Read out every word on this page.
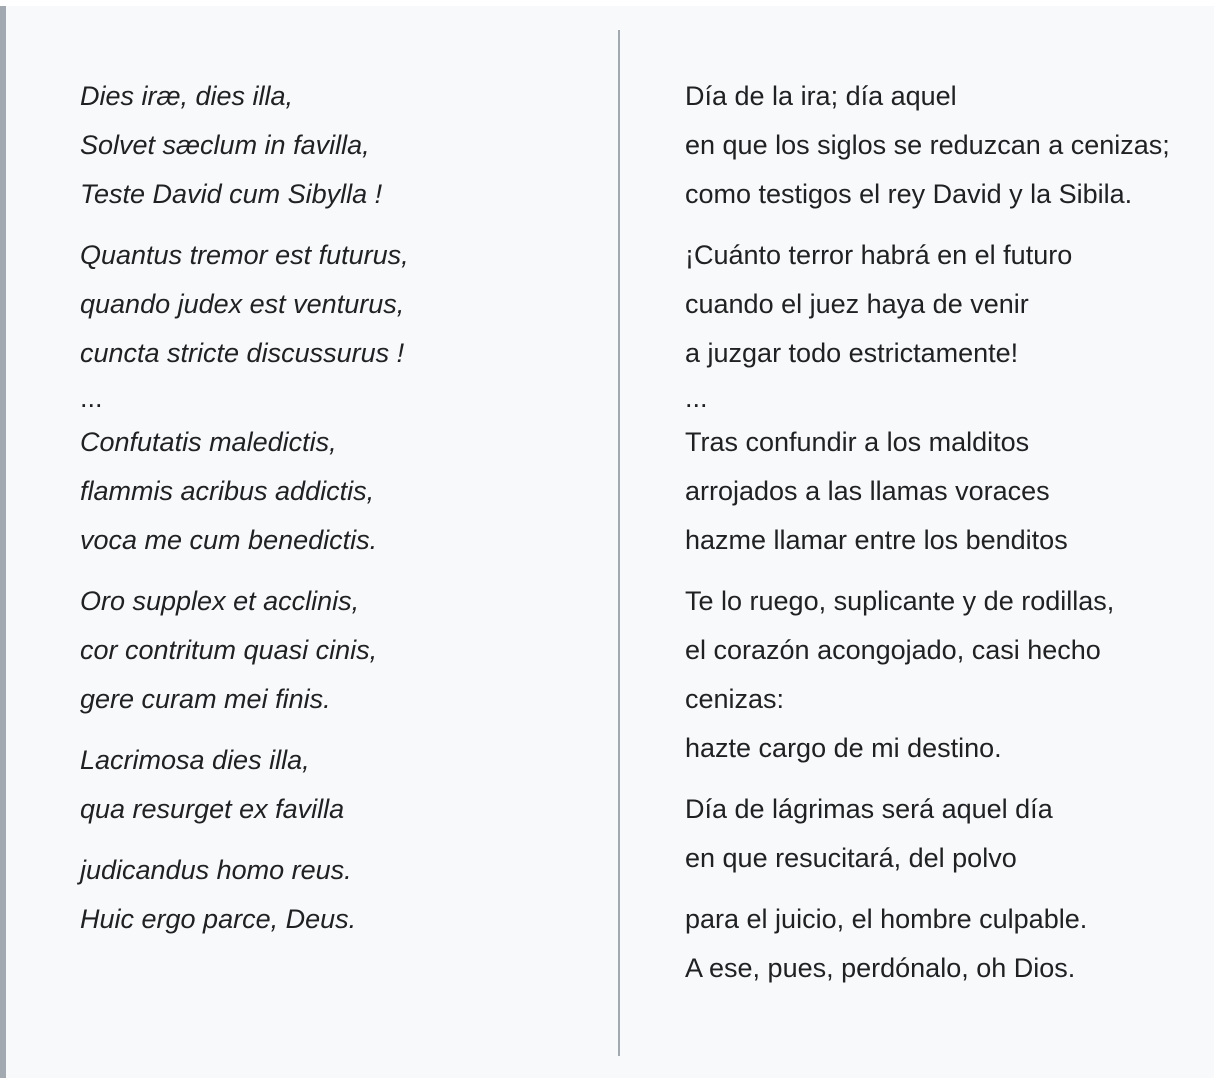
Dies iræ, dies illa,
Solvet sæclum in favilla,
Teste David cum Sibylla !
Quantus tremor est futurus,
quando judex est venturus,
cuncta stricte discussurus !
...
Confutatis maledictis,
flammis acribus addictis,
voca me cum benedictis.
Oro supplex et acclinis,
cor contritum quasi cinis,
gere curam mei finis.
Lacrimosa dies illa,
qua resurget ex favilla
judicandus homo reus.
Huic ergo parce, Deus.
Día de la ira; día aquel
en que los siglos se reduzcan a cenizas;
como testigos el rey David y la Sibila.
¡Cuánto terror habrá en el futuro
cuando el juez haya de venir
a juzgar todo estrictamente!
...
Tras confundir a los malditos
arrojados a las llamas voraces
hazme llamar entre los benditos
Te lo ruego, suplicante y de rodillas,
el corazón acongojado, casi hecho cenizas:
hazte cargo de mi destino.
Día de lágrimas será aquel día
en que resucitará, del polvo
para el juicio, el hombre culpable.
A ese, pues, perdónalo, oh Dios.
